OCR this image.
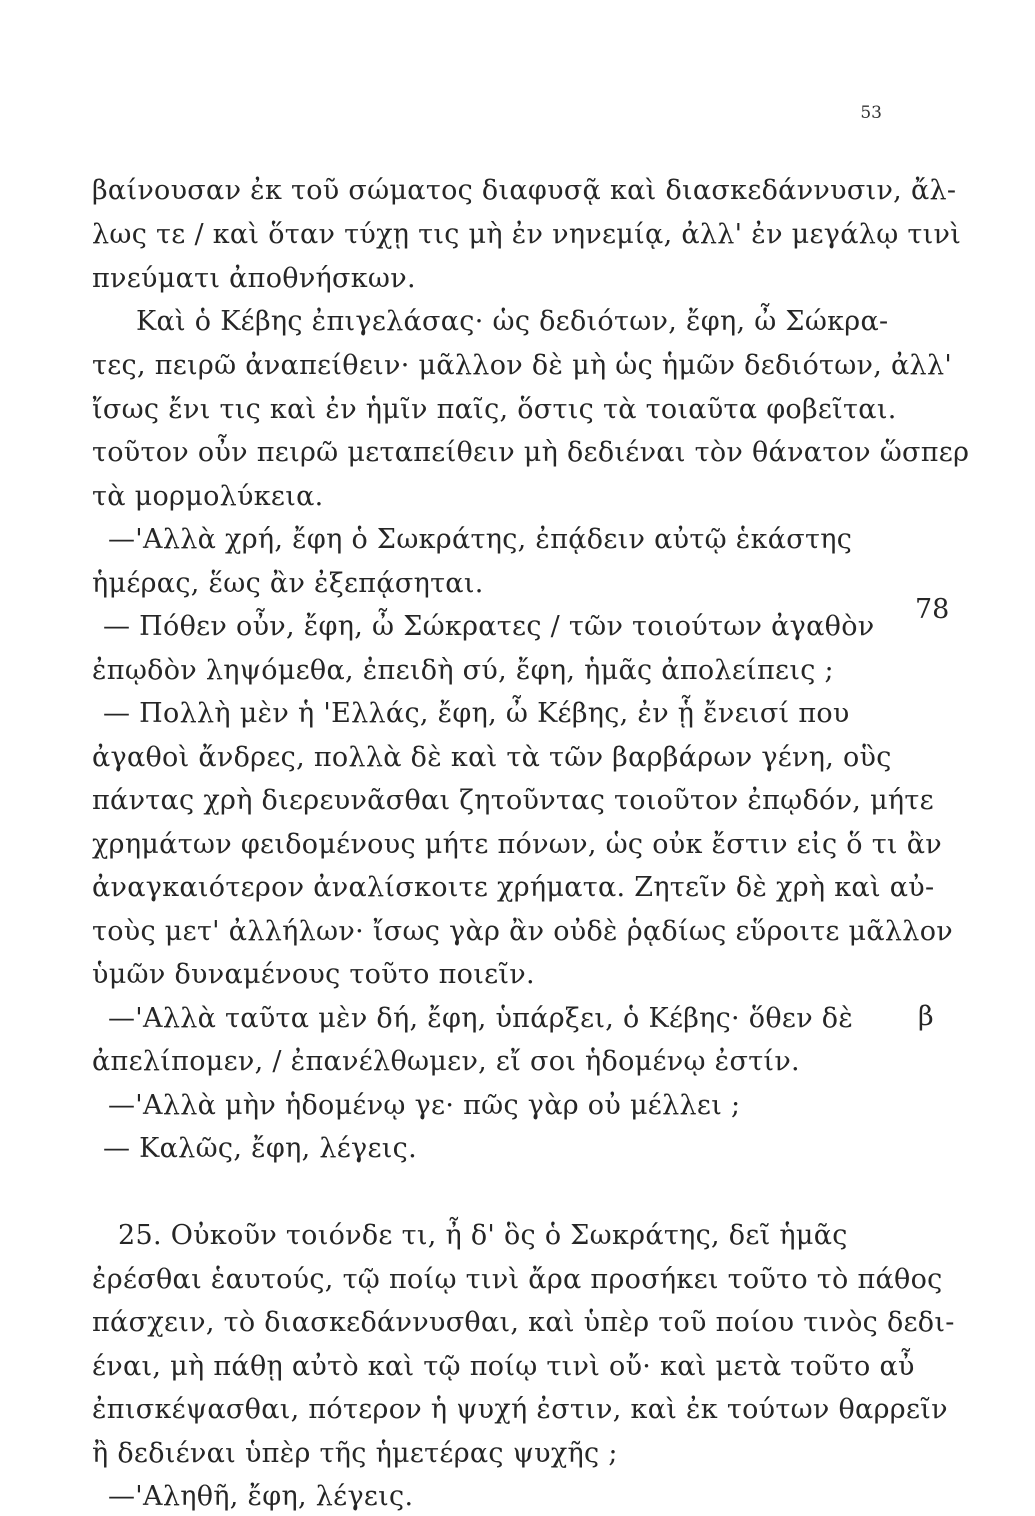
53
βαίνουσαν ἐκ τοῦ σώματος διαφυσᾷ καὶ διασκεδάννυσιν, ἄλ-
λως τε / καὶ ὅταν τύχῃ τις μὴ ἐν νηνεμίᾳ, ἀλλ' ἐν μεγάλῳ τινὶ
πνεύματι ἀποθνήσκων.
Καὶ ὁ Κέβης ἐπιγελάσας· ὡς δεδιότων, ἔφη, ὦ Σώκρα-
τες, πειρῶ ἀναπείθειν· μᾶλλον δὲ μὴ ὡς ἡμῶν δεδιότων, ἀλλ'
ἴσως ἔνι τις καὶ ἐν ἡμῖν παῖς, ὅστις τὰ τοιαῦτα φοβεῖται.
τοῦτον οὖν πειρῶ μεταπείθειν μὴ δεδιέναι τὸν θάνατον ὥσπερ
τὰ μορμολύκεια.
—'Αλλὰ χρή, ἔφη ὁ Σωκράτης, ἐπᾴδειν αὐτῷ ἑκάστης
ἡμέρας, ἕως ἂν ἐξεπᾴσηται.
— Πόθεν οὖν, ἔφη, ὦ Σώκρατες / τῶν τοιούτων ἀγαθὸν
ἐπῳδὸν ληψόμεθα, ἐπειδὴ σύ, ἔφη, ἡμᾶς ἀπολείπεις ;
— Πολλὴ μὲν ἡ 'Ελλάς, ἔφη, ὦ Κέβης, ἐν ᾗ ἔνεισί που
ἀγαθοὶ ἄνδρες, πολλὰ δὲ καὶ τὰ τῶν βαρβάρων γένη, οὓς
πάντας χρὴ διερευνᾶσθαι ζητοῦντας τοιοῦτον ἐπῳδόν, μήτε
χρημάτων φειδομένους μήτε πόνων, ὡς οὐκ ἔστιν εἰς ὅ τι ἂν
ἀναγκαιότερον ἀναλίσκοιτε χρήματα. Ζητεῖν δὲ χρὴ καὶ αὐ-
τοὺς μετ' ἀλλήλων· ἴσως γὰρ ἂν οὐδὲ ῥᾳδίως εὕροιτε μᾶλλον
ὑμῶν δυναμένους τοῦτο ποιεῖν.
—'Αλλὰ ταῦτα μὲν δή, ἔφη, ὑπάρξει, ὁ Κέβης· ὅθεν δὲ
ἀπελίπομεν, / ἐπανέλθωμεν, εἴ σοι ἡδομένῳ ἐστίν.
—'Αλλὰ μὴν ἡδομένῳ γε· πῶς γὰρ οὐ μέλλει ;
— Καλῶς, ἔφη, λέγεις.
25. Οὐκοῦν τοιόνδε τι, ἦ δ' ὃς ὁ Σωκράτης, δεῖ ἡμᾶς
ἐρέσθαι ἑαυτούς, τῷ ποίῳ τινὶ ἄρα προσήκει τοῦτο τὸ πάθος
πάσχειν, τὸ διασκεδάννυσθαι, καὶ ὑπὲρ τοῦ ποίου τινὸς δεδι-
έναι, μὴ πάθῃ αὐτὸ καὶ τῷ ποίῳ τινὶ οὔ· καὶ μετὰ τοῦτο αὖ
ἐπισκέψασθαι, πότερον ἡ ψυχή ἐστιν, καὶ ἐκ τούτων θαρρεῖν
ἢ δεδιέναι ὑπὲρ τῆς ἡμετέρας ψυχῆς ;
—'Αληθῆ, ἔφη, λέγεις.
78
β
